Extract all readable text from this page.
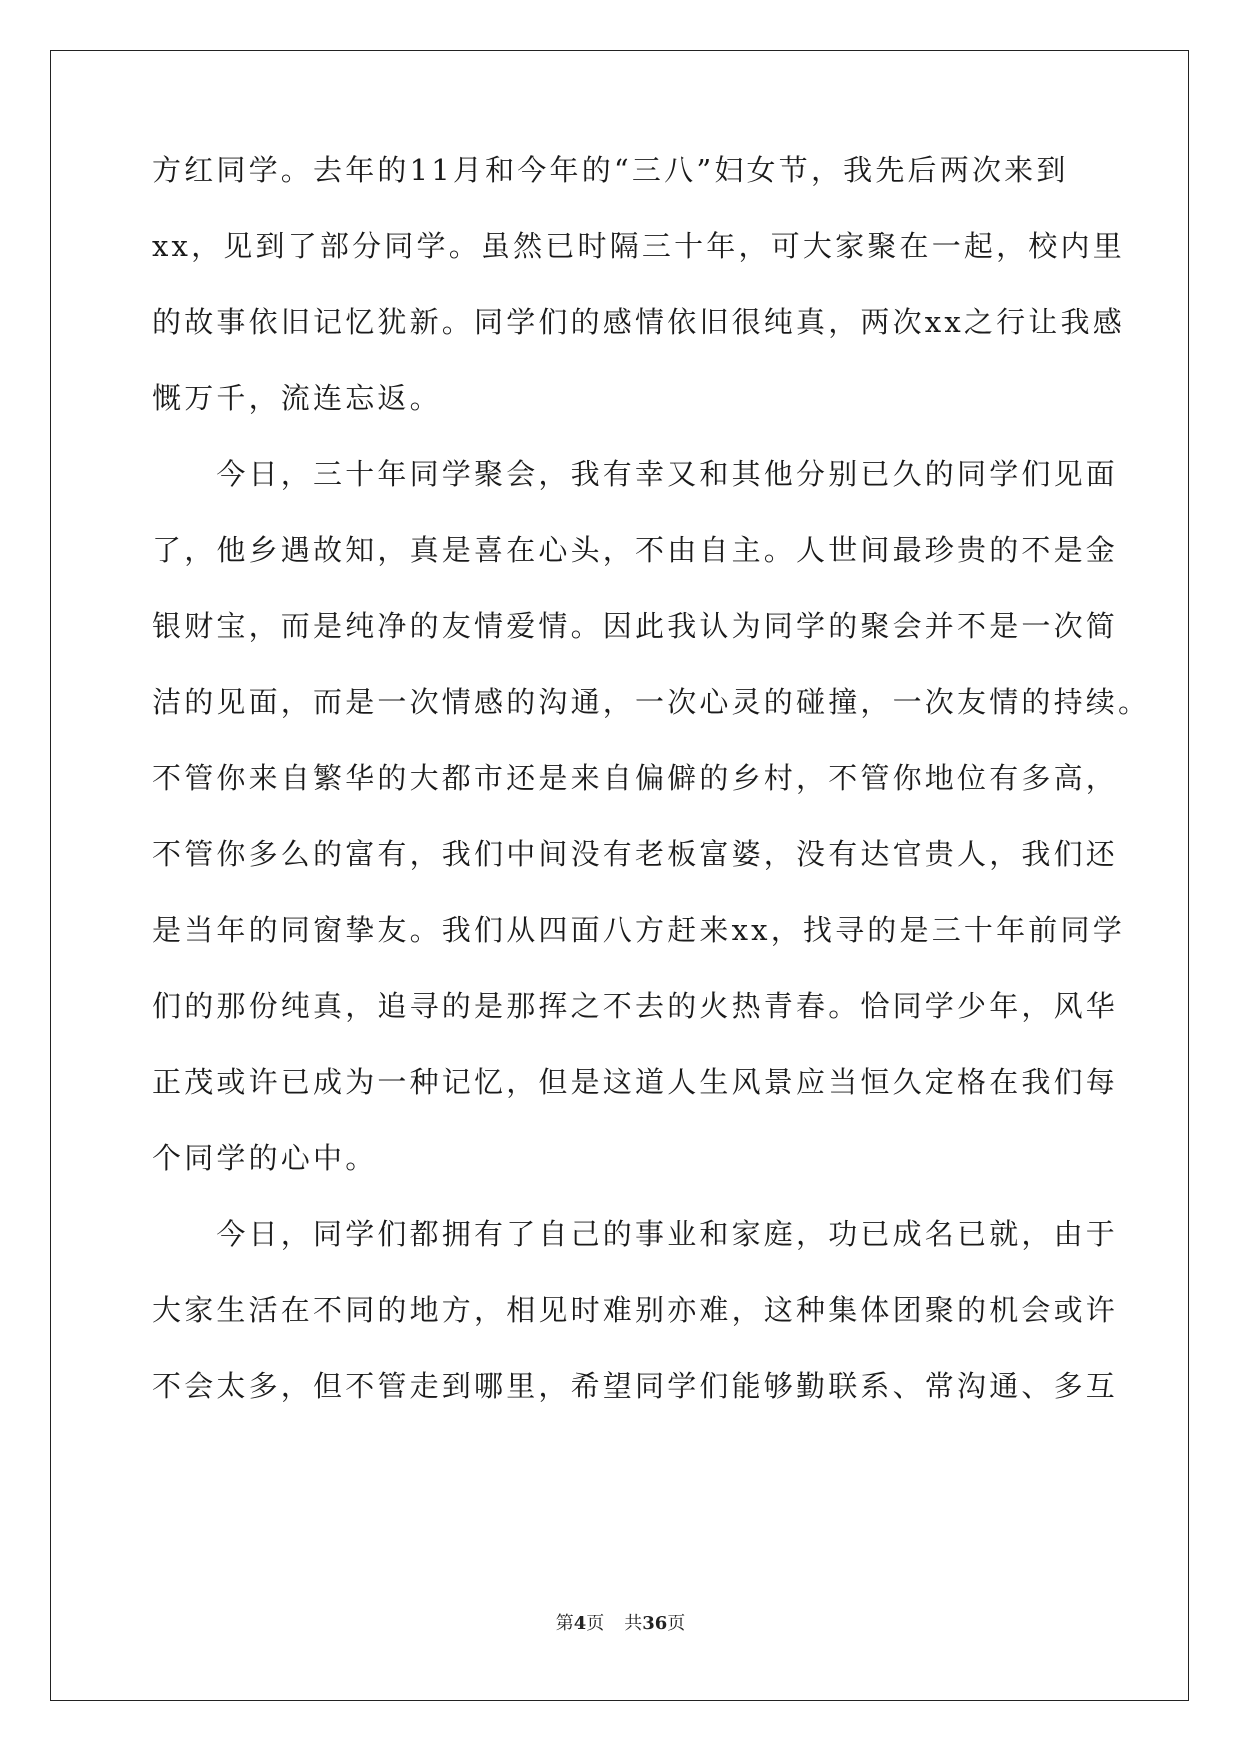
方红同学。去年的11月和今年的“三八”妇女节，我先后两次来到
xx，见到了部分同学。虽然已时隔三十年，可大家聚在一起，校内里
的故事依旧记忆犹新。同学们的感情依旧很纯真，两次xx之行让我感
慨万千，流连忘返。
　　今日，三十年同学聚会，我有幸又和其他分别已久的同学们见面
了，他乡遇故知，真是喜在心头，不由自主。人世间最珍贵的不是金
银财宝，而是纯净的友情爱情。因此我认为同学的聚会并不是一次简
洁的见面，而是一次情感的沟通，一次心灵的碰撞，一次友情的持续。
不管你来自繁华的大都市还是来自偏僻的乡村，不管你地位有多高，
不管你多么的富有，我们中间没有老板富婆，没有达官贵人，我们还
是当年的同窗挚友。我们从四面八方赶来xx，找寻的是三十年前同学
们的那份纯真，追寻的是那挥之不去的火热青春。恰同学少年，风华
正茂或许已成为一种记忆，但是这道人生风景应当恒久定格在我们每
个同学的心中。
　　今日，同学们都拥有了自己的事业和家庭，功已成名已就，由于
大家生活在不同的地方，相见时难别亦难，这种集体团聚的机会或许
不会太多，但不管走到哪里，希望同学们能够勤联系、常沟通、多互
第4页 共36页
